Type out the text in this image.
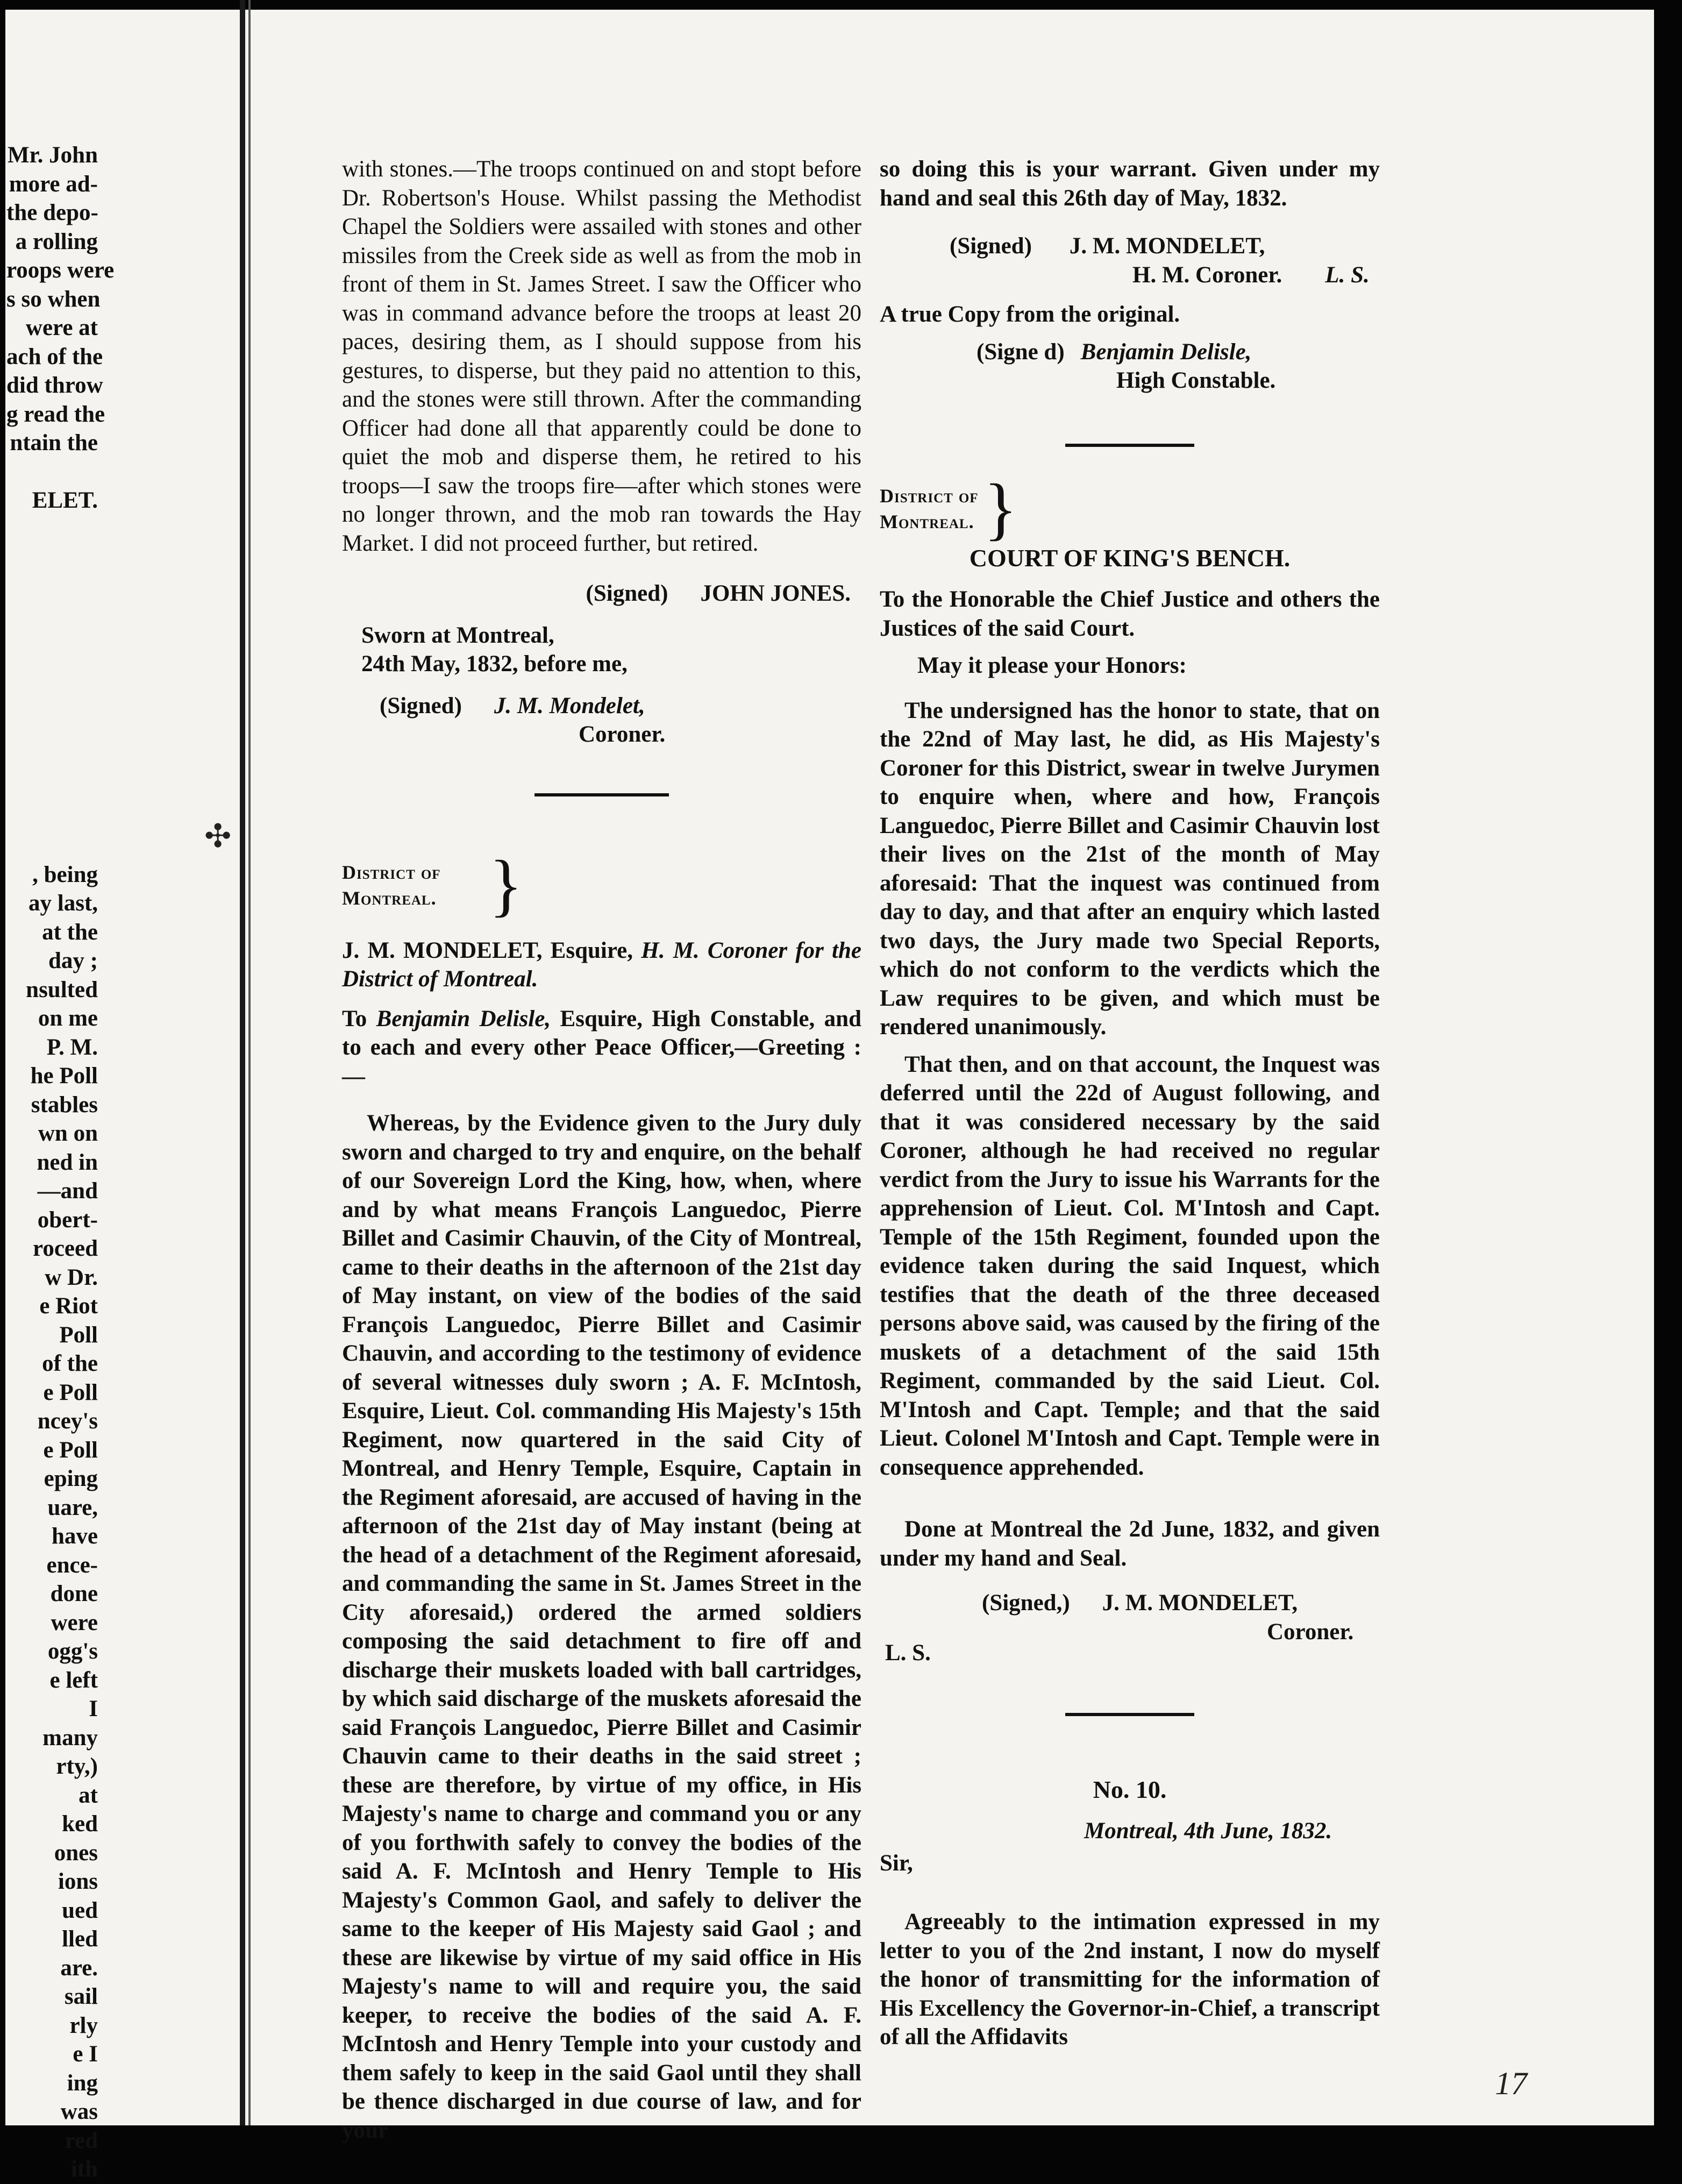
✣
Mr. John
more ad-
the depo-
a rolling
roops were
s so when
were at
ach of the
did throw
g read the
ntain the

ELET.

, being
ay last,
at the
day ;
nsulted
on me
P. M.
he Poll
stables
wn on
ned in
—and
obert-
roceed
w Dr.
e Riot
Poll
of the
e Poll
ncey's
e Poll
eping
uare,
have
ence-
done
were
ogg's
e left
I
many
rty,)
at
ked
ones
ions
ued
lled
are.
sail
rly
e I
ing
was
red
ith

with stones.—The troops continued on and stopt before Dr. Robertson's House. Whilst passing the Methodist Chapel the Soldiers were assailed with stones and other missiles from the Creek side as well as from the mob in front of them in St. James Street. I saw the Officer who was in command advance before the troops at least 20 paces, desiring them, as I should suppose from his gestures, to disperse, but they paid no attention to this, and the stones were still thrown. After the commanding Officer had done all that apparently could be done to quiet the mob and disperse them, he retired to his troops—I saw the troops fire—after which stones were no longer thrown, and the mob ran towards the Hay Market. I did not proceed further, but retired.

(Signed) JOHN JONES.
Sworn at Montreal,
24th May, 1832, before me,
(Signed) J. M. Mondelet,
Coroner.
District of
Montreal. }

J. M. MONDELET, Esquire, H. M. Coroner for the District of Montreal.

To Benjamin Delisle, Esquire, High Constable, and to each and every other Peace Officer,—Greeting :—

Whereas, by the Evidence given to the Jury duly sworn and charged to try and enquire, on the behalf of our Sovereign Lord the King, how, when, where and by what means François Languedoc, Pierre Billet and Casimir Chauvin, of the City of Montreal, came to their deaths in the afternoon of the 21st day of May instant, on view of the bodies of the said François Languedoc, Pierre Billet and Casimir Chauvin, and according to the testimony of evidence of several witnesses duly sworn ; A. F. McIntosh, Esquire, Lieut. Col. commanding His Majesty's 15th Regiment, now quartered in the said City of Montreal, and Henry Temple, Esquire, Captain in the Regiment aforesaid, are accused of having in the afternoon of the 21st day of May instant (being at the head of a detachment of the Regiment aforesaid, and commanding the same in St. James Street in the City aforesaid,) ordered the armed soldiers composing the said detachment to fire off and discharge their muskets loaded with ball cartridges, by which said discharge of the muskets aforesaid the said François Languedoc, Pierre Billet and Casimir Chauvin came to their deaths in the said street ; these are therefore, by virtue of my office, in His Majesty's name to charge and command you or any of you forthwith safely to convey the bodies of the said A. F. McIntosh and Henry Temple to His Majesty's Common Gaol, and safely to deliver the same to the keeper of His Majesty said Gaol ; and these are likewise by virtue of my said office in His Majesty's name to will and require you, the said keeper, to receive the bodies of the said A. F. McIntosh and Henry Temple into your custody and them safely to keep in the said Gaol until they shall be thence discharged in due course of law, and for your

so doing this is your warrant. Given under my hand and seal this 26th day of May, 1832.

(Signed) J. M. MONDELET,
H. M. Coroner. L. S.

A true Copy from the original.

(Signe d) Benjamin Delisle,
High Constable.
District of
Montreal. }

COURT OF KING'S BENCH.

To the Honorable the Chief Justice and others the Justices of the said Court.

May it please your Honors:

The undersigned has the honor to state, that on the 22nd of May last, he did, as His Majesty's Coroner for this District, swear in twelve Jurymen to enquire when, where and how, François Languedoc, Pierre Billet and Casimir Chauvin lost their lives on the 21st of the month of May aforesaid: That the inquest was continued from day to day, and that after an enquiry which lasted two days, the Jury made two Special Reports, which do not conform to the verdicts which the Law requires to be given, and which must be rendered unanimously.

That then, and on that account, the Inquest was deferred until the 22d of August following, and that it was considered necessary by the said Coroner, although he had received no regular verdict from the Jury to issue his Warrants for the apprehension of Lieut. Col. M'Intosh and Capt. Temple of the 15th Regiment, founded upon the evidence taken during the said Inquest, which testifies that the death of the three deceased persons above said, was caused by the firing of the muskets of a detachment of the said 15th Regiment, commanded by the said Lieut. Col. M'Intosh and Capt. Temple; and that the said Lieut. Colonel M'Intosh and Capt. Temple were in consequence apprehended.

Done at Montreal the 2d June, 1832, and given under my hand and Seal.

(Signed,) J. M. MONDELET,
Coroner.
L. S.
No. 10.
Montreal, 4th June, 1832.
Sir,

Agreeably to the intimation expressed in my letter to you of the 2nd instant, I now do myself the honor of transmitting for the information of His Excellency the Governor-in-Chief, a transcript of all the Affidavits

17
